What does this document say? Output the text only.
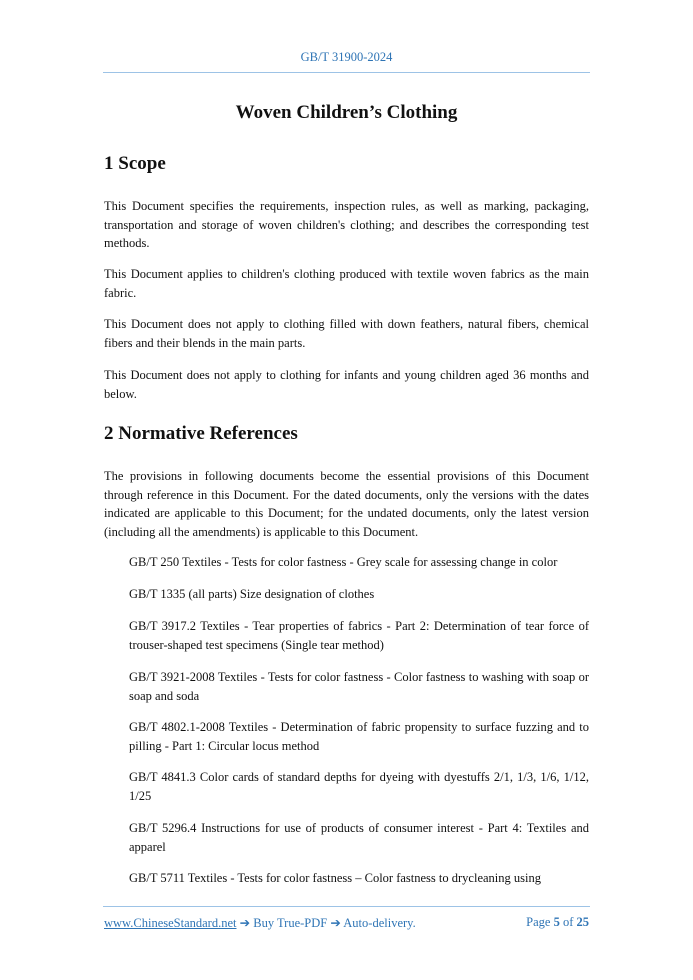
GB/T 31900-2024
Woven Children’s Clothing
1 Scope

This Document specifies the requirements, inspection rules, as well as marking, packaging, transportation and storage of woven children's clothing; and describes the corresponding test methods.

This Document applies to children's clothing produced with textile woven fabrics as the main fabric.

This Document does not apply to clothing filled with down feathers, natural fibers, chemical fibers and their blends in the main parts.

This Document does not apply to clothing for infants and young children aged 36 months and below.

2 Normative References

The provisions in following documents become the essential provisions of this Document through reference in this Document. For the dated documents, only the versions with the dates indicated are applicable to this Document; for the undated documents, only the latest version (including all the amendments) is applicable to this Document.

GB/T 250 Textiles - Tests for color fastness - Grey scale for assessing change in color

GB/T 1335 (all parts) Size designation of clothes

GB/T 3917.2 Textiles - Tear properties of fabrics - Part 2: Determination of tear force of trouser-shaped test specimens (Single tear method)

GB/T 3921-2008 Textiles - Tests for color fastness - Color fastness to washing with soap or soap and soda

GB/T 4802.1-2008 Textiles - Determination of fabric propensity to surface fuzzing and to pilling - Part 1: Circular locus method

GB/T 4841.3 Color cards of standard depths for dyeing with dyestuffs 2/1, 1/3, 1/6, 1/12, 1/25

GB/T 5296.4 Instructions for use of products of consumer interest - Part 4: Textiles and apparel

GB/T 5711 Textiles - Tests for color fastness – Color fastness to drycleaning using

www.ChineseStandard.net ➔ Buy True-PDF ➔ Auto-delivery.	Page 5 of 25
